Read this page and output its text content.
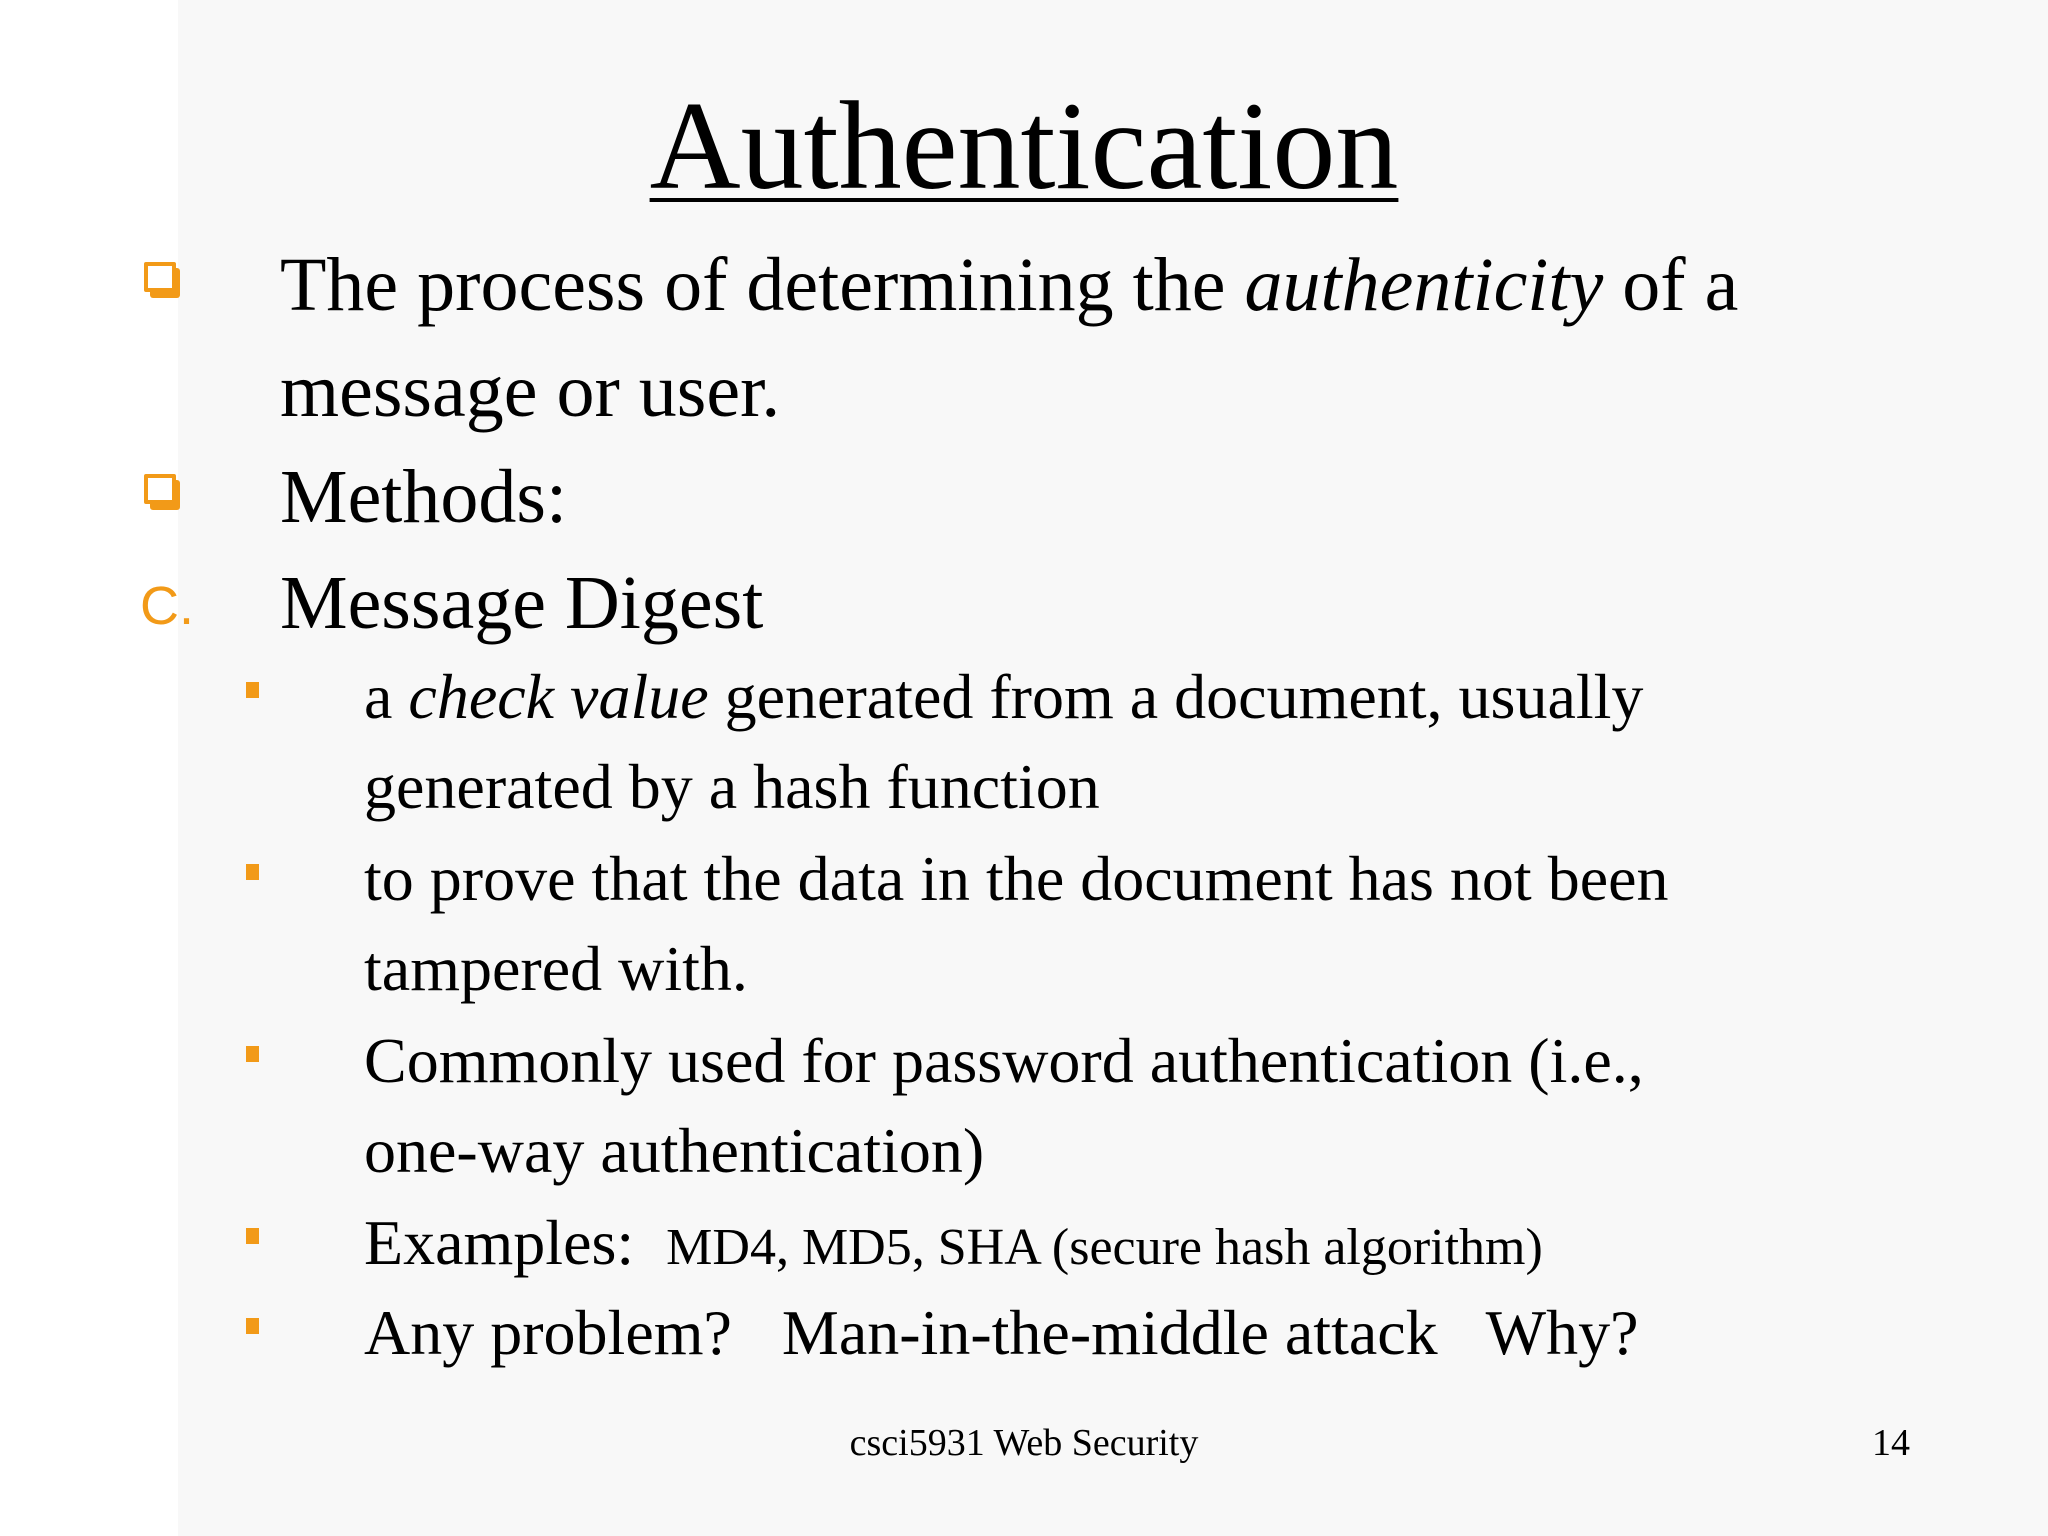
Authentication
The process of determining the authenticity of a
message or user.
Methods:
C. Message Digest
a check value generated from a document, usually
generated by a hash function
to prove that the data in the document has not been
tampered with.
Commonly used for password authentication (i.e.,
one-way authentication)
Examples: MD4, MD5, SHA (secure hash algorithm)
Any problem? Man-in-the-middle attack Why?
csci5931 Web Security	14
